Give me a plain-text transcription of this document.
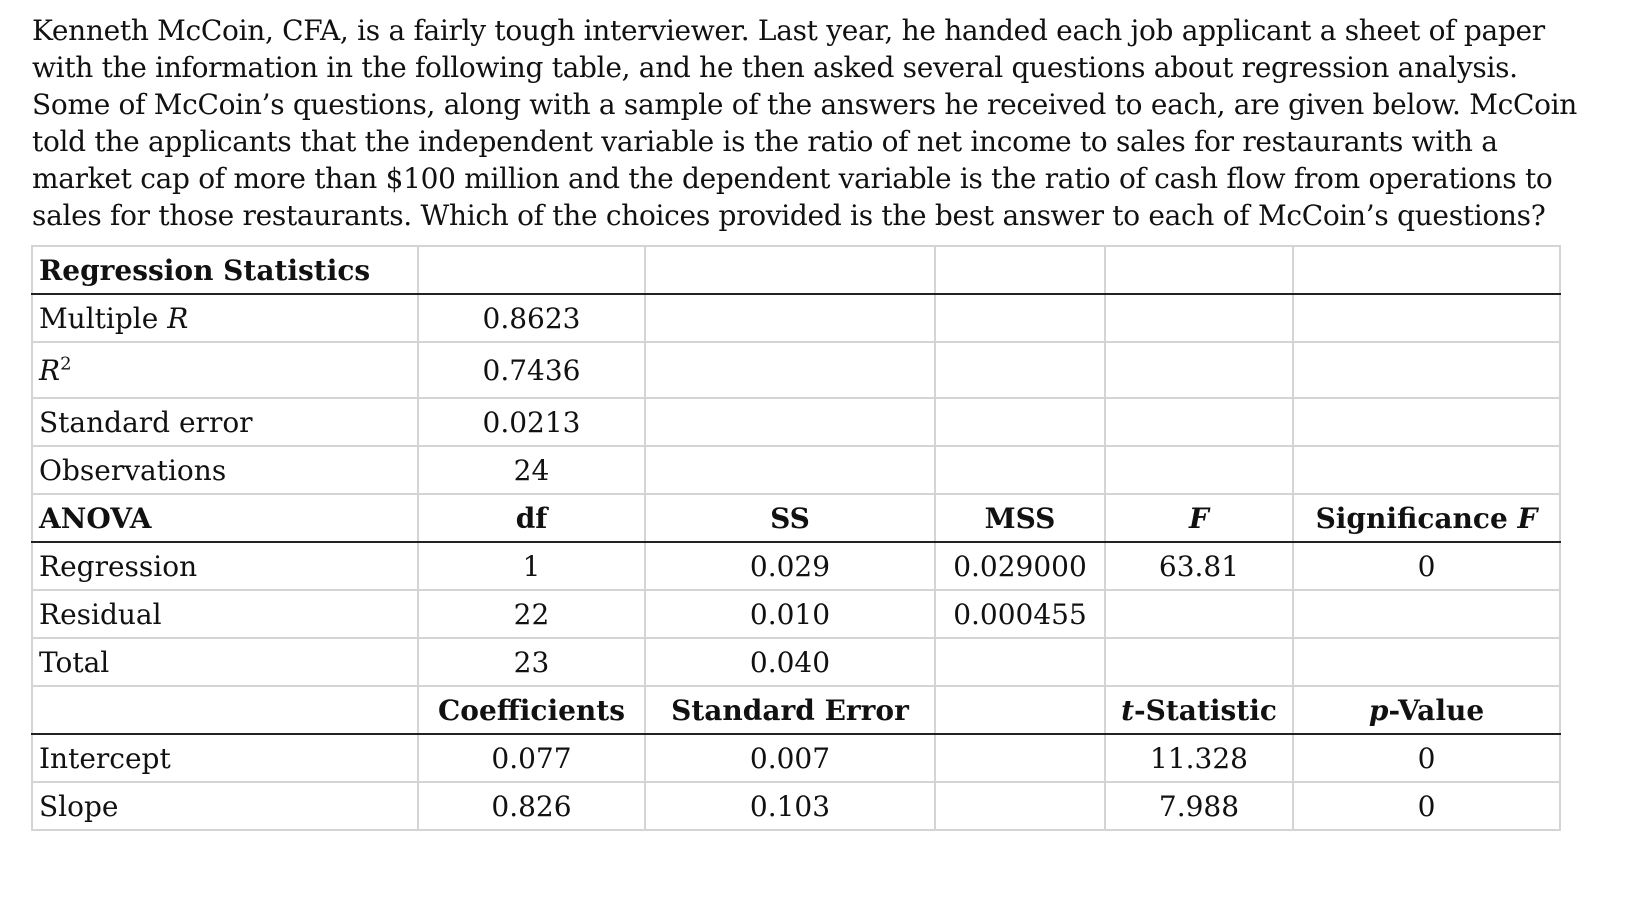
Kenneth McCoin, CFA, is a fairly tough interviewer. Last year, he handed each job applicant a sheet of paper with the information in the following table, and he then asked several questions about regression analysis. Some of McCoin’s questions, along with a sample of the answers he received to each, are given below. McCoin told the applicants that the independent variable is the ratio of net income to sales for restaurants with a market cap of more than $100 million and the dependent variable is the ratio of cash flow from operations to sales for those restaurants. Which of the choices provided is the best answer to each of McCoin’s questions?

Regression Statistics					
Multiple R	0.8623				
$R^2$	0.7436				
Standard error	0.0213				
Observations	24				
ANOVA	df	SS	MSS	F	Significance F
Regression	1	0.029	0.029000	63.81	0
Residual	22	0.010	0.000455		
Total	23	0.040			
	Coefficients	Standard Error		t-Statistic	p-Value
Intercept	0.077	0.007		11.328	0
Slope	0.826	0.103		7.988	0
